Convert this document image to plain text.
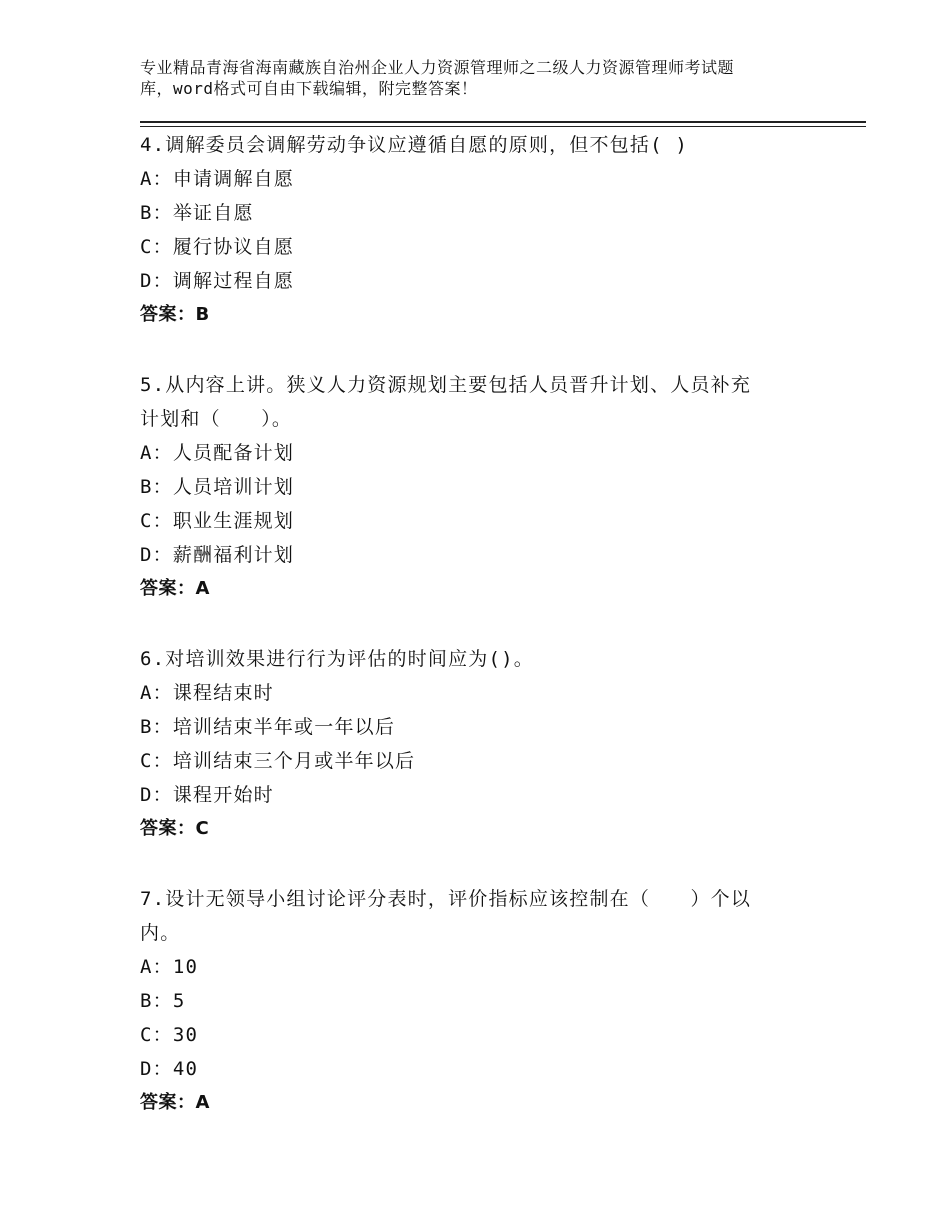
专业精品青海省海南藏族自治州企业人力资源管理师之二级人力资源管理师考试题
库，word格式可自由下载编辑，附完整答案！
4.调解委员会调解劳动争议应遵循自愿的原则，但不包括( )
A：申请调解自愿
B：举证自愿
C：履行协议自愿
D：调解过程自愿
答案：B
5.从内容上讲。狭义人力资源规划主要包括人员晋升计划、人员补充
计划和（　　）。
A：人员配备计划
B：人员培训计划
C：职业生涯规划
D：薪酬福利计划
答案：A
6.对培训效果进行行为评估的时间应为()。
A：课程结束时
B：培训结束半年或一年以后
C：培训结束三个月或半年以后
D：课程开始时
答案：C
7.设计无领导小组讨论评分表时，评价指标应该控制在（　　）个以
内。
A：10
B：5
C：30
D：40
答案：A
